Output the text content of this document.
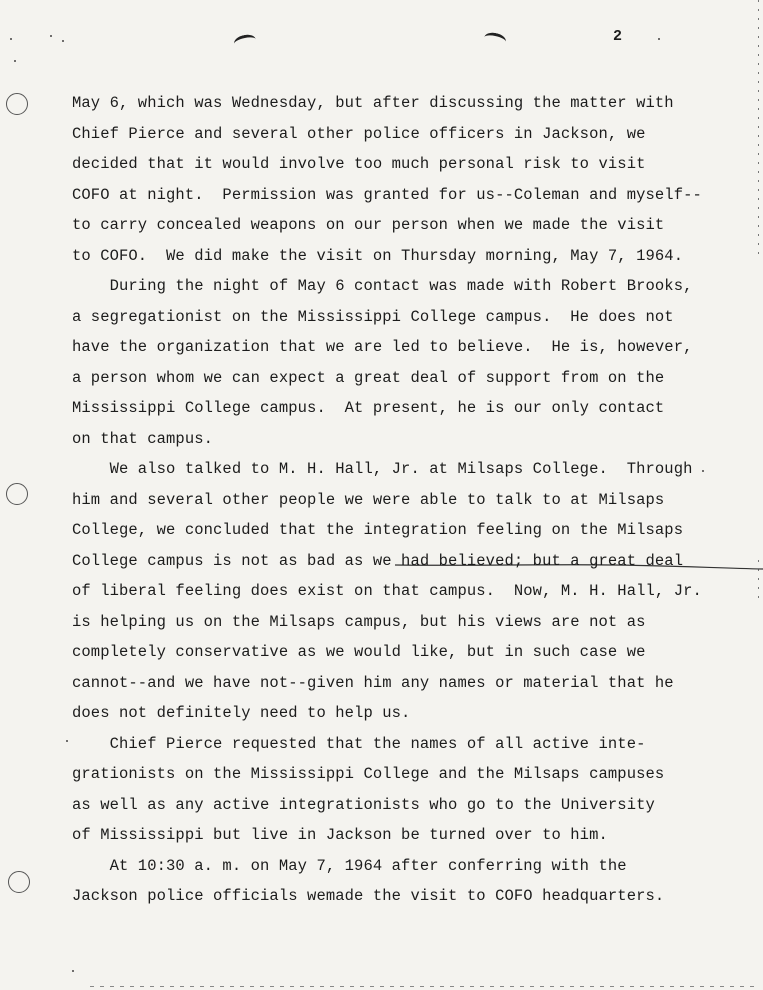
2
May 6, which was Wednesday, but after discussing the matter with
Chief Pierce and several other police officers in Jackson, we
decided that it would involve too much personal risk to visit
COFO at night.  Permission was granted for us--Coleman and myself--
to carry concealed weapons on our person when we made the visit
to COFO.  We did make the visit on Thursday morning, May 7, 1964.
During the night of May 6 contact was made with Robert Brooks,
a segregationist on the Mississippi College campus.  He does not
have the organization that we are led to believe.  He is, however,
a person whom we can expect a great deal of support from on the
Mississippi College campus.  At present, he is our only contact
on that campus.
We also talked to M. H. Hall, Jr. at Milsaps College.  Through
him and several other people we were able to talk to at Milsaps
College, we concluded that the integration feeling on the Milsaps
College campus is not as bad as we had believed; but a great deal
of liberal feeling does exist on that campus.  Now, M. H. Hall, Jr.
is helping us on the Milsaps campus, but his views are not as
completely conservative as we would like, but in such case we
cannot--and we have not--given him any names or material that he
does not definitely need to help us.
Chief Pierce requested that the names of all active inte-
grationists on the Mississippi College and the Milsaps campuses
as well as any active integrationists who go to the University
of Mississippi but live in Jackson be turned over to him.
At 10:30 a. m. on May 7, 1964 after conferring with the
Jackson police officials wemade the visit to COFO headquarters.
